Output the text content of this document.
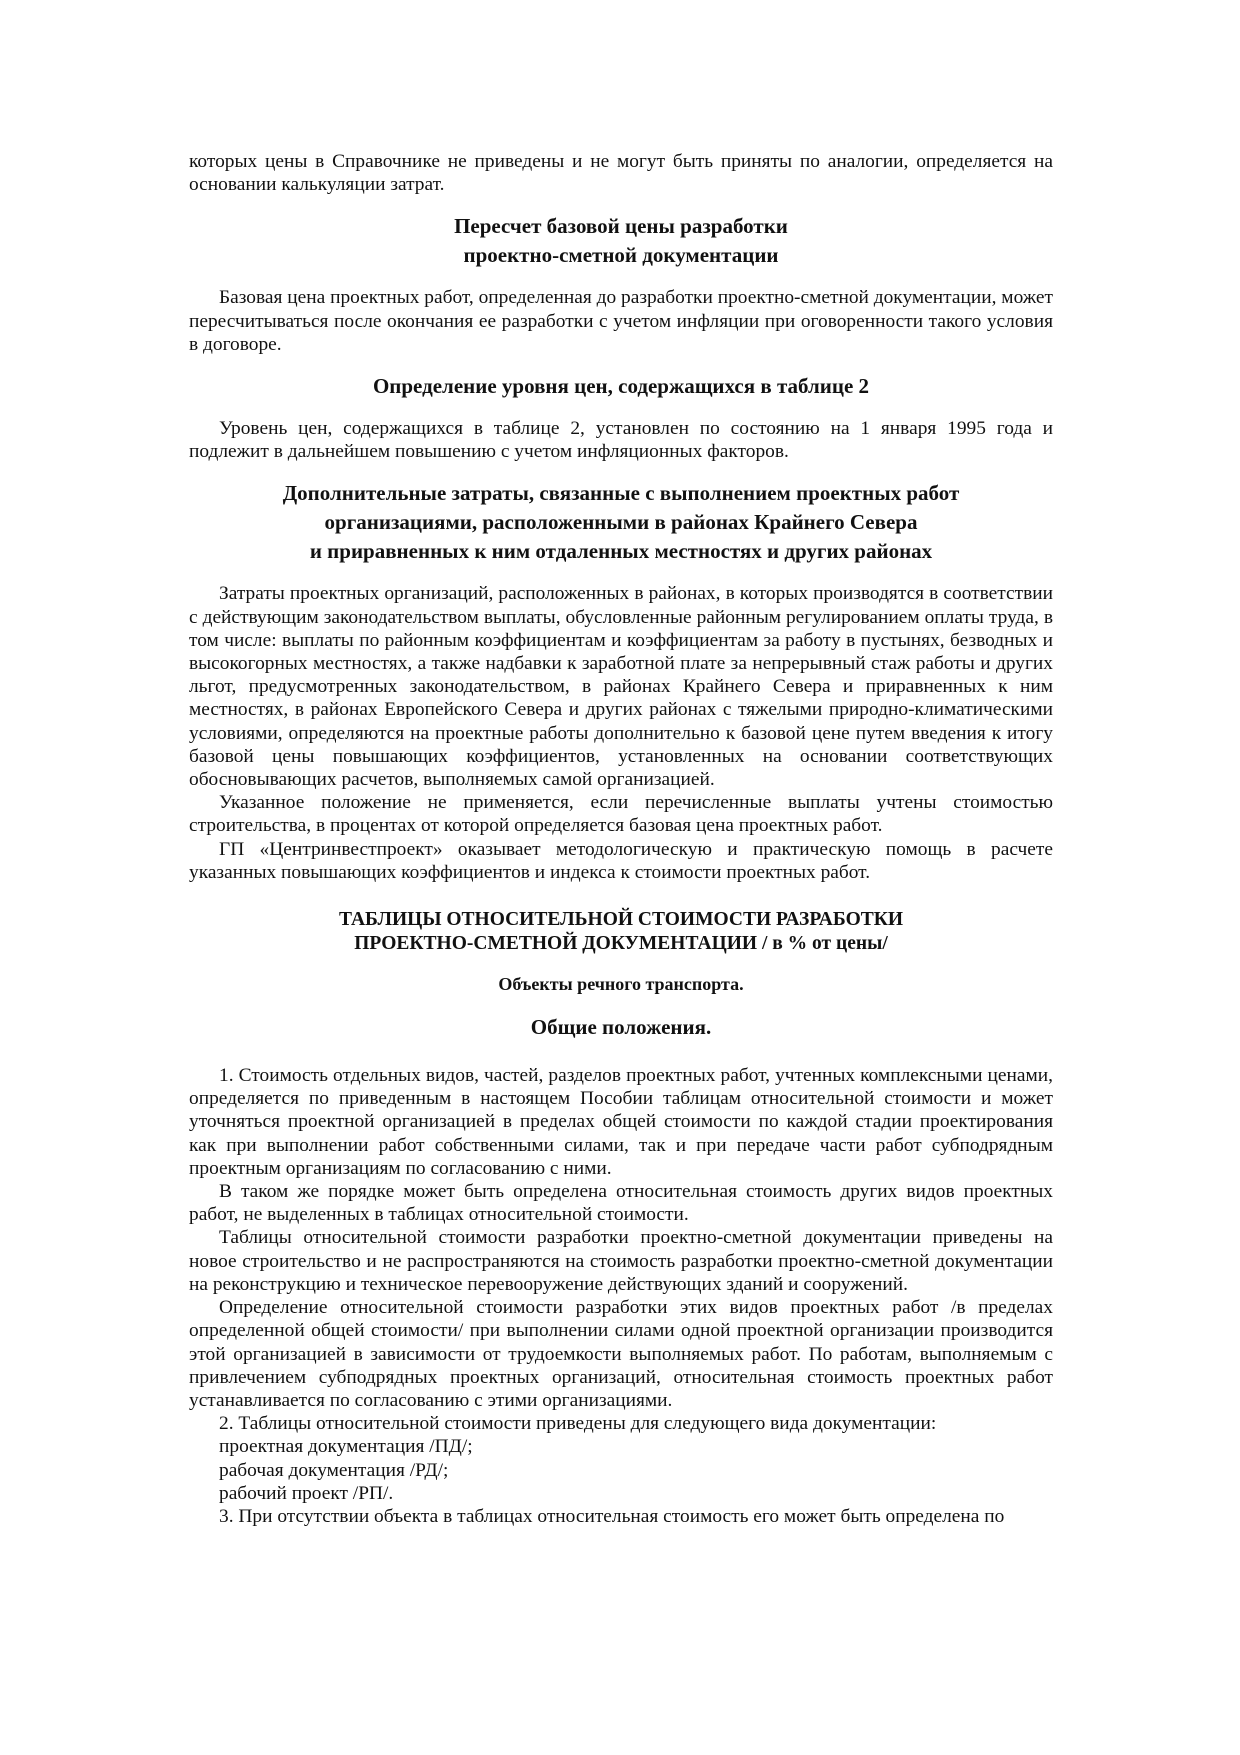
которых цены в Справочнике не приведены и не могут быть приняты по аналогии, определяется на основании калькуляции затрат.

Пересчет базовой цены разработки
проектно-сметной документации

Базовая цена проектных работ, определенная до разработки проектно-сметной документации, может пересчитываться после окончания ее разработки с учетом инфляции при оговоренности такого условия в договоре.

Определение уровня цен, содержащихся в таблице 2

Уровень цен, содержащихся в таблице 2, установлен по состоянию на 1 января 1995 года и подлежит в дальнейшем повышению с учетом инфляционных факторов.

Дополнительные затраты, связанные с выполнением проектных работ
организациями, расположенными в районах Крайнего Севера
и приравненных к ним отдаленных местностях и других районах

Затраты проектных организаций, расположенных в районах, в которых производятся в соответствии с действующим законодательством выплаты, обусловленные районным регулированием оплаты труда, в том числе: выплаты по районным коэффициентам и коэффициентам за работу в пустынях, безводных и высокогорных местностях, а также надбавки к заработной плате за непрерывный стаж работы и других льгот, предусмотренных законодательством, в районах Крайнего Севера и приравненных к ним местностях, в районах Европейского Севера и других районах с тяжелыми природно-климатическими условиями, определяются на проектные работы дополнительно к базовой цене путем введения к итогу базовой цены повышающих коэффициентов, установленных на основании соответствующих обосновывающих расчетов, выполняемых самой организацией.

Указанное положение не применяется, если перечисленные выплаты учтены стоимостью строительства, в процентах от которой определяется базовая цена проектных работ.

ГП «Центринвестпроект» оказывает методологическую и практическую помощь в расчете указанных повышающих коэффициентов и индекса к стоимости проектных работ.

ТАБЛИЦЫ ОТНОСИТЕЛЬНОЙ СТОИМОСТИ РАЗРАБОТКИ
ПРОЕКТНО-СМЕТНОЙ ДОКУМЕНТАЦИИ / в % от цены/
Объекты речного транспорта.
Общие положения.

1. Стоимость отдельных видов, частей, разделов проектных работ, учтенных комплексными ценами, определяется по приведенным в настоящем Пособии таблицам относительной стоимости и может уточняться проектной организацией в пределах общей стоимости по каждой стадии проектирования как при выполнении работ собственными силами, так и при передаче части работ субподрядным проектным организациям по согласованию с ними.

В таком же порядке может быть определена относительная стоимость других видов проектных работ, не выделенных в таблицах относительной стоимости.

Таблицы относительной стоимости разработки проектно-сметной документации приведены на новое строительство и не распространяются на стоимость разработки проектно-сметной документации на реконструкцию и техническое перевооружение действующих зданий и сооружений.

Определение относительной стоимости разработки этих видов проектных работ /в пределах определенной общей стоимости/ при выполнении силами одной проектной организации производится этой организацией в зависимости от трудоемкости выполняемых работ. По работам, выполняемым с привлечением субподрядных проектных организаций, относительная стоимость проектных работ устанавливается по согласованию с этими организациями.

2. Таблицы относительной стоимости приведены для следующего вида документации:

проектная документация /ПД/;

рабочая документация /РД/;

рабочий проект /РП/.

3. При отсутствии объекта в таблицах относительная стоимость его может быть определена по
